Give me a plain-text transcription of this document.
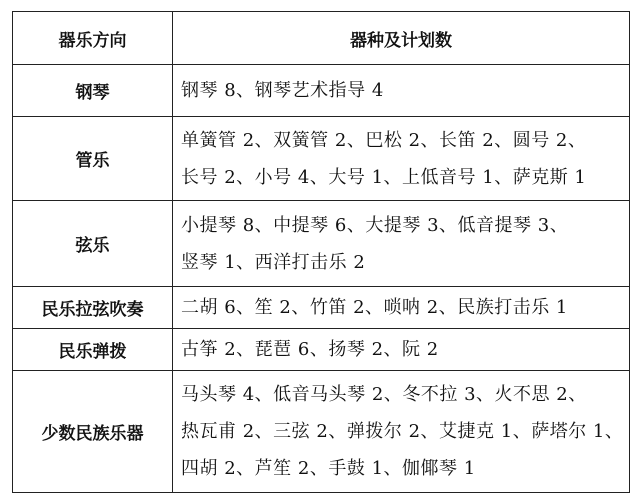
器乐方向	器种及计划数
钢琴	钢琴 8、钢琴艺术指导 4

管乐	单簧管 2、双簧管 2、巴松 2、长笛 2、圆号 2、
长号 2、小号 4、大号 1、上低音号 1、萨克斯 1

弦乐	小提琴 8、中提琴 6、大提琴 3、低音提琴 3、
竖琴 1、西洋打击乐 2

民乐拉弦吹奏	二胡 6、笙 2、竹笛 2、唢呐 2、民族打击乐 1

民乐弹拨	古筝 2、琵琶 6、扬琴 2、阮 2

少数民族乐器	马头琴 4、低音马头琴 2、冬不拉 3、火不思 2、
热瓦甫 2、三弦 2、弹拨尔 2、艾捷克 1、萨塔尔 1、
四胡 2、芦笙 2、手鼓 1、伽倻琴 1
